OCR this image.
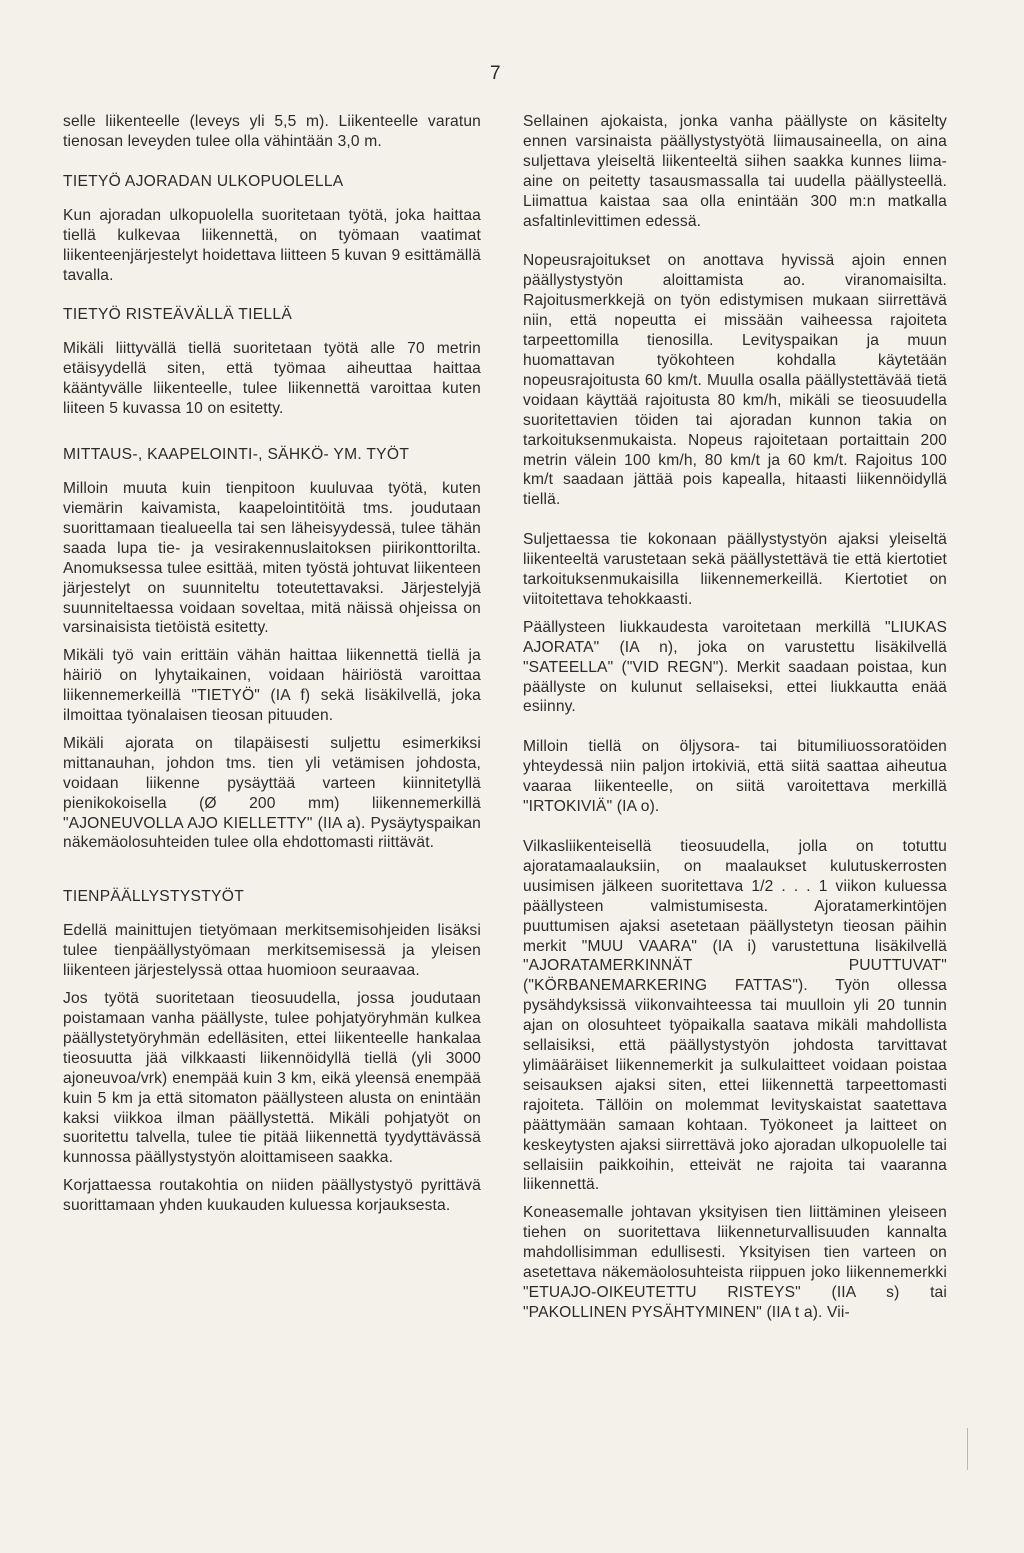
7

selle liikenteelle (leveys yli 5,5 m). Liikenteelle varatun tienosan leveyden tulee olla vähintään 3,0 m.

TIETYÖ AJORADAN ULKOPUOLELLA

Kun ajoradan ulkopuolella suoritetaan työtä, joka haittaa tiellä kulkevaa liikennettä, on työmaan vaatimat liikenteenjärjestelyt hoidettava liitteen 5 kuvan 9 esittämällä tavalla.

TIETYÖ RISTEÄVÄLLÄ TIELLÄ

Mikäli liittyvällä tiellä suoritetaan työtä alle 70 metrin etäisyydellä siten, että työmaa aiheuttaa haittaa kääntyvälle liikenteelle, tulee liikennettä varoittaa kuten liiteen 5 kuvassa 10 on esitetty.

MITTAUS-, KAAPELOINTI-, SÄHKÖ- YM. TYÖT

Milloin muuta kuin tienpitoon kuuluvaa työtä, kuten viemärin kaivamista, kaapelointitöitä tms. joudutaan suorittamaan tiealueella tai sen läheisyydessä, tulee tähän saada lupa tie- ja vesirakennuslaitoksen piirikonttorilta. Anomuksessa tulee esittää, miten työstä johtuvat liikenteen järjestelyt on suunniteltu toteutettavaksi. Järjestelyjä suunniteltaessa voidaan soveltaa, mitä näissä ohjeissa on varsinaisista tietöistä esitetty.

Mikäli työ vain erittäin vähän haittaa liikennettä tiellä ja häiriö on lyhytaikainen, voidaan häiriöstä varoittaa liikennemerkeillä "TIETYÖ" (IA f) sekä lisäkilvellä, joka ilmoittaa työnalaisen tieosan pituuden.

Mikäli ajorata on tilapäisesti suljettu esimerkiksi mittanauhan, johdon tms. tien yli vetämisen johdosta, voidaan liikenne pysäyttää varteen kiinnitetyllä pienikokoisella (Ø 200 mm) liikennemerkillä "AJONEUVOLLA AJO KIELLETTY" (IIA a). Pysäytyspaikan näkemäolosuhteiden tulee olla ehdottomasti riittävät.

TIENPÄÄLLYSTYSTYÖT

Edellä mainittujen tietyömaan merkitsemisohjeiden lisäksi tulee tienpäällystyömaan merkitsemisessä ja yleisen liikenteen järjestelyssä ottaa huomioon seuraavaa.

Jos työtä suoritetaan tieosuudella, jossa joudutaan poistamaan vanha päällyste, tulee pohjatyöryhmän kulkea päällystetyöryhmän edelläsiten, ettei liikenteelle hankalaa tieosuutta jää vilkkaasti liikennöidyllä tiellä (yli 3000 ajoneuvoa/vrk) enempää kuin 3 km, eikä yleensä enempää kuin 5 km ja että sitomaton päällysteen alusta on enintään kaksi viikkoa ilman päällystettä. Mikäli pohjatyöt on suoritettu talvella, tulee tie pitää liikennettä tyydyttävässä kunnossa päällystystyön aloittamiseen saakka.

Korjattaessa routakohtia on niiden päällystystyö pyrittävä suorittamaan yhden kuukauden kuluessa korjauksesta.

Sellainen ajokaista, jonka vanha päällyste on käsitelty ennen varsinaista päällystystyötä liimausaineella, on aina suljettava yleiseltä liikenteeltä siihen saakka kunnes liima-aine on peitetty tasausmassalla tai uudella päällysteellä. Liimattua kaistaa saa olla enintään 300 m:n matkalla asfaltinlevittimen edessä.

Nopeusrajoitukset on anottava hyvissä ajoin ennen päällystystyön aloittamista ao. viranomaisilta. Rajoitusmerkkejä on työn edistymisen mukaan siirrettävä niin, että nopeutta ei missään vaiheessa rajoiteta tarpeettomilla tienosilla. Levityspaikan ja muun huomattavan työkohteen kohdalla käytetään nopeusrajoitusta 60 km/t. Muulla osalla päällystettävää tietä voidaan käyttää rajoitusta 80 km/h, mikäli se tieosuudella suoritettavien töiden tai ajoradan kunnon takia on tarkoituksenmukaista. Nopeus rajoitetaan portaittain 200 metrin välein 100 km/h, 80 km/t ja 60 km/t. Rajoitus 100 km/t saadaan jättää pois kapealla, hitaasti liikennöidyllä tiellä.

Suljettaessa tie kokonaan päällystystyön ajaksi yleiseltä liikenteeltä varustetaan sekä päällystettävä tie että kiertotiet tarkoituksenmukaisilla liikennemerkeillä. Kiertotiet on viitoitettava tehokkaasti.

Päällysteen liukkaudesta varoitetaan merkillä "LIUKAS AJORATA" (IA n), joka on varustettu lisäkilvellä "SATEELLA" ("VID REGN"). Merkit saadaan poistaa, kun päällyste on kulunut sellaiseksi, ettei liukkautta enää esiinny.

Milloin tiellä on öljysora- tai bitumiliuossoratöiden yhteydessä niin paljon irtokiviä, että siitä saattaa aiheutua vaaraa liikenteelle, on siitä varoitettava merkillä "IRTOKIVIÄ" (IA o).

Vilkasliikenteisellä tieosuudella, jolla on totuttu ajoratamaalauksiin, on maalaukset kulutuskerrosten uusimisen jälkeen suoritettava 1/2 . . . 1 viikon kuluessa päällysteen valmistumisesta. Ajoratamerkintöjen puuttumisen ajaksi asetetaan päällystetyn tieosan päihin merkit "MUU VAARA" (IA i) varustettuna lisäkilvellä "AJORATAMERKINNÄT PUUTTUVAT" ("KÖRBANEMARKERING FATTAS"). Työn ollessa pysähdyksissä viikonvaihteessa tai muulloin yli 20 tunnin ajan on olosuhteet työpaikalla saatava mikäli mahdollista sellaisiksi, että päällystystyön johdosta tarvittavat ylimääräiset liikennemerkit ja sulkulaitteet voidaan poistaa seisauksen ajaksi siten, ettei liikennettä tarpeettomasti rajoiteta. Tällöin on molemmat levityskaistat saatettava päättymään samaan kohtaan. Työkoneet ja laitteet on keskeytysten ajaksi siirrettävä joko ajoradan ulkopuolelle tai sellaisiin paikkoihin, etteivät ne rajoita tai vaaranna liikennettä.

Koneasemalle johtavan yksityisen tien liittäminen yleiseen tiehen on suoritettava liikenneturvallisuuden kannalta mahdollisimman edullisesti. Yksityisen tien varteen on asetettava näkemäolosuhteista riippuen joko liikennemerkki "ETUAJO-OIKEUTETTU RISTEYS" (IIA s) tai "PAKOLLINEN PYSÄHTYMINEN" (IIA t a). Vii-
